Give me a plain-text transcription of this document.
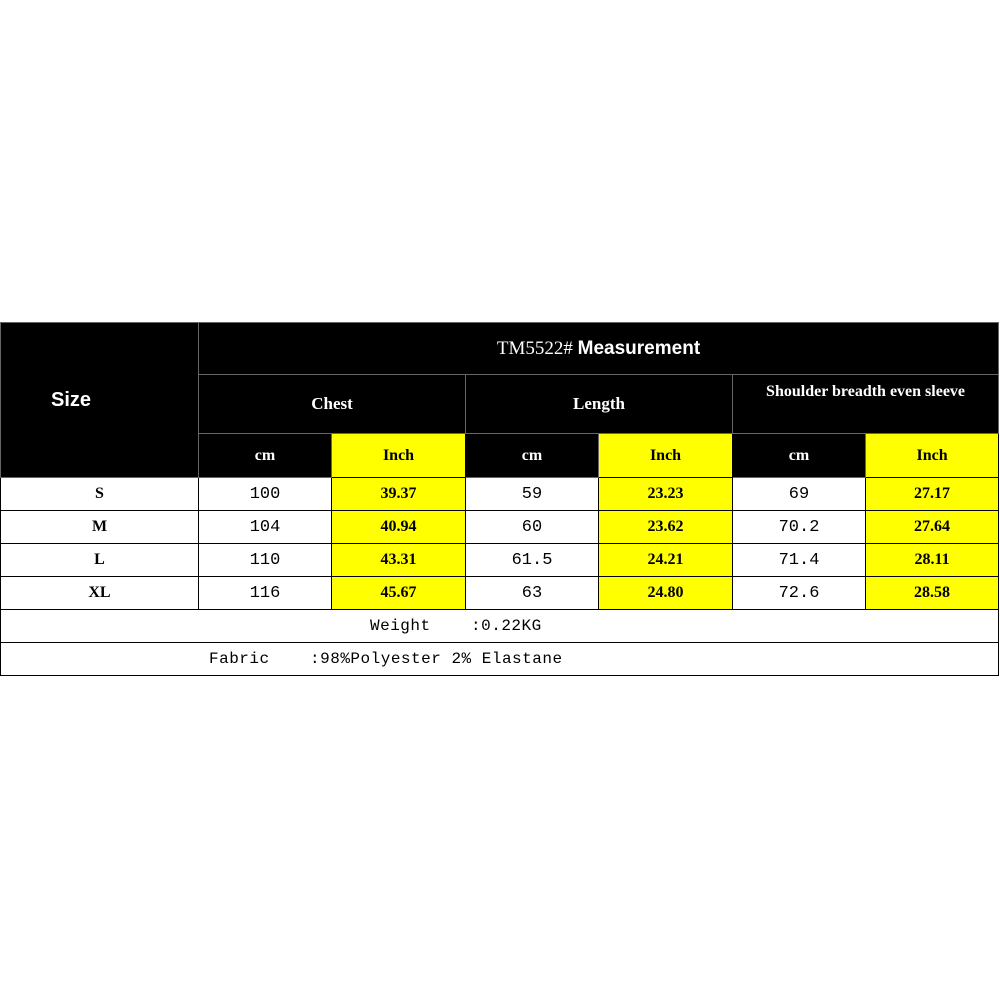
Size	TM5522# Measurement					
	Chest		Length		Shoulder breadth even sleeve	
	cm	Inch	cm	Inch	cm	Inch
S	100	39.37	59	23.23	69	27.17
M	104	40.94	60	23.62	70.2	27.64
L	110	43.31	61.5	24.21	71.4	28.11
XL	116	45.67	63	24.80	72.6	28.58
Weight    :0.22KG						
Fabric    :98%Polyester 2% Elastane						
